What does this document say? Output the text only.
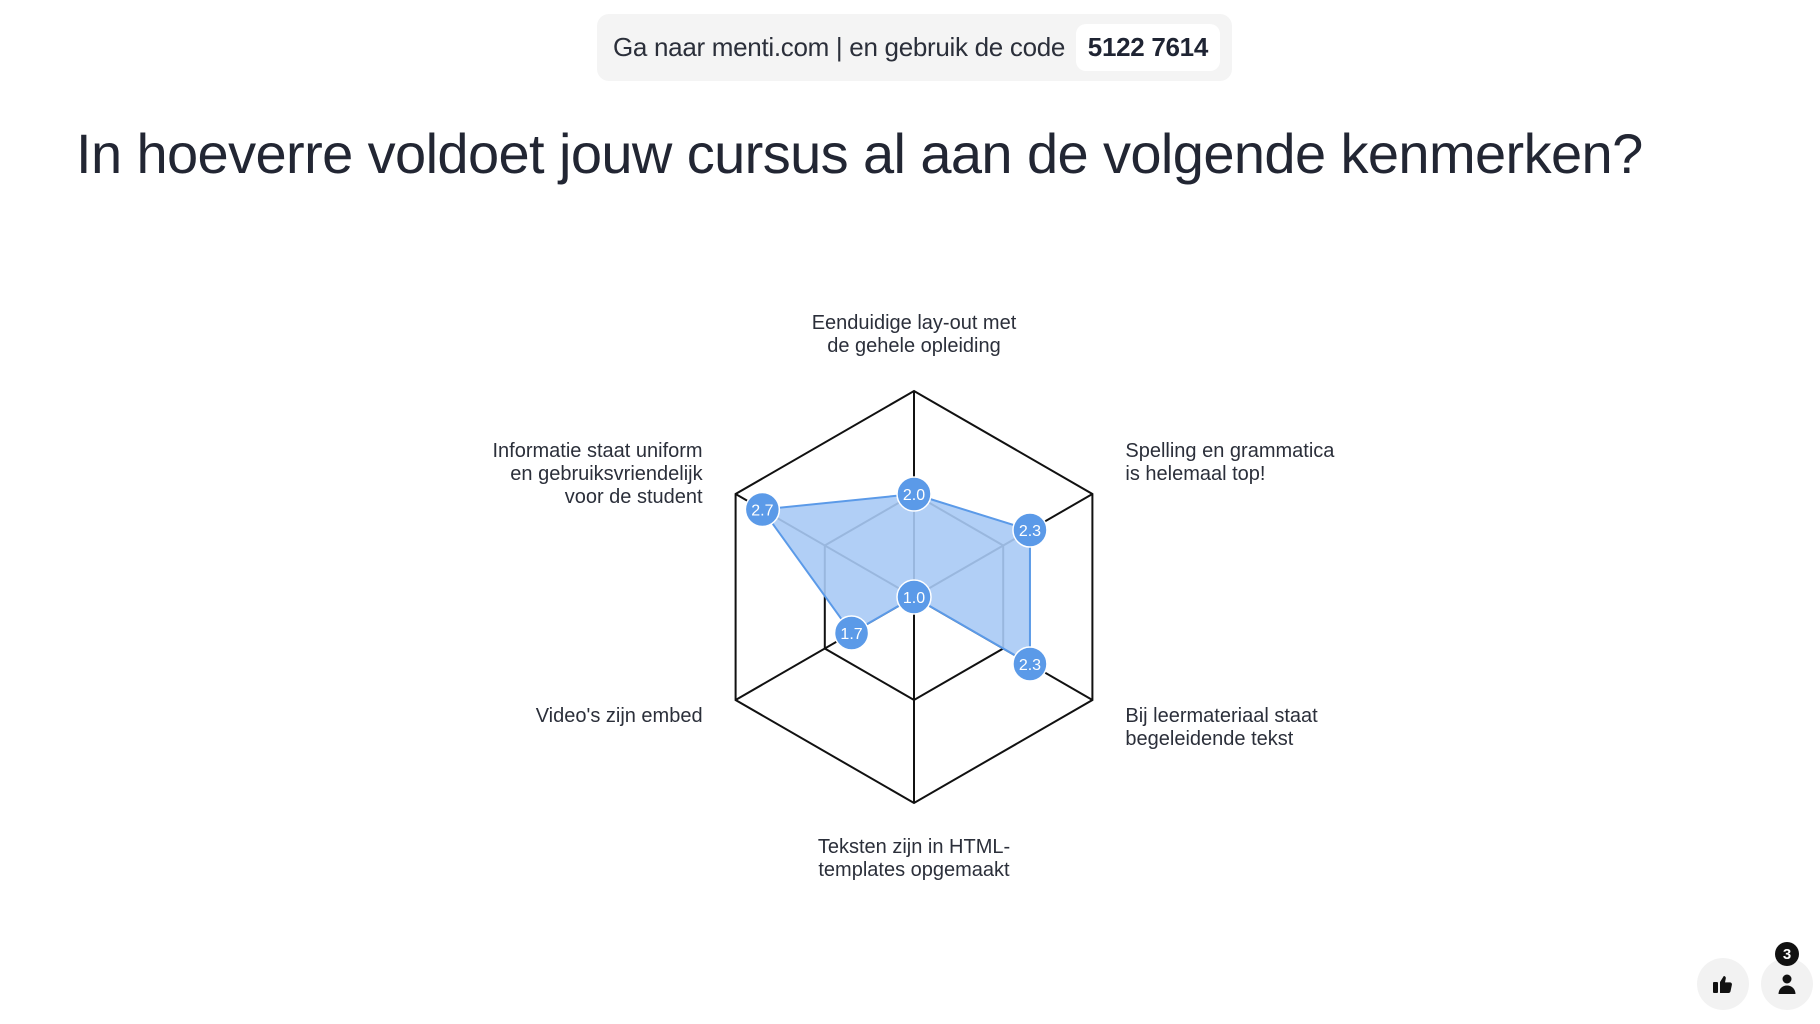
Ga naar menti.com | en gebruik de code 5122 7614
In hoeverre voldoet jouw cursus al aan de volgende kenmerken?
2.0
2.3
2.3
1.0
1.7
2.7
Eenduidige lay-out met de gehele opleiding
Spelling en grammatica is helemaal top!
Bij leermateriaal staat begeleidende tekst
Teksten zijn in HTML-templates opgemaakt
Video's zijn embed
Informatie staat uniform en gebruiksvriendelijk voor de student
3
